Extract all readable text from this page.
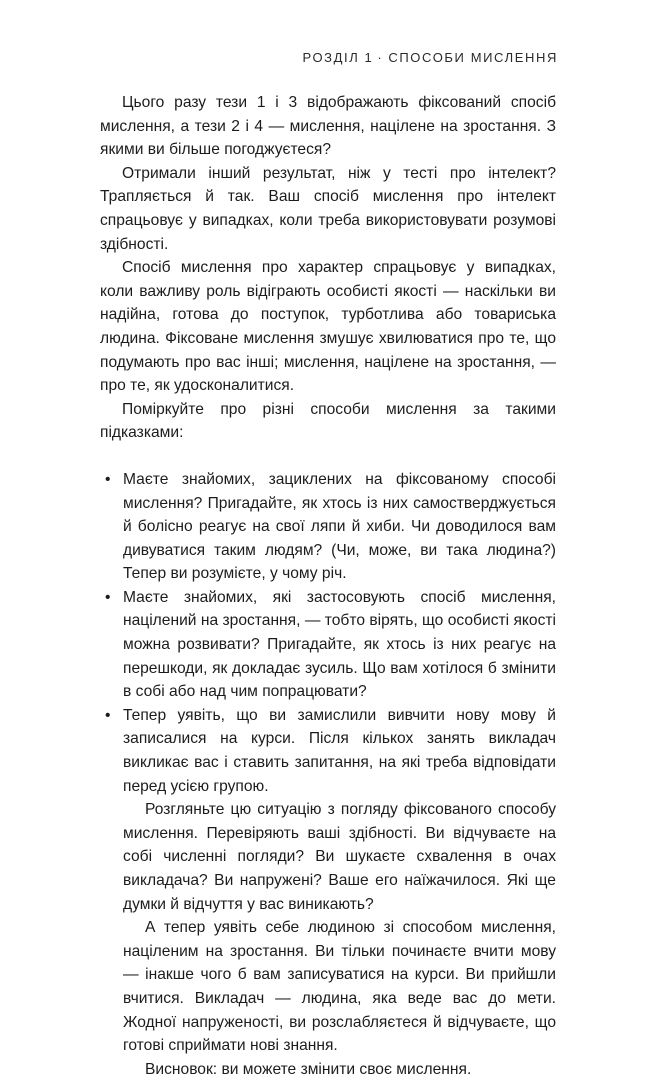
РОЗДІЛ 1 · СПОСОБИ МИСЛЕННЯ

Цього разу тези 1 і 3 відображають фіксований спосіб мислення, а тези 2 і 4 — мислення, націлене на зростання. З якими ви більше погоджуєтеся?

Отримали інший результат, ніж у тесті про інтелект? Трапляється й так. Ваш спосіб мислення про інтелект спрацьовує у випадках, коли треба використовувати розумові здібності.

Спосіб мислення про характер спрацьовує у випадках, коли важливу роль відіграють особисті якості — наскільки ви надійна, готова до поступок, турботлива або товариська людина. Фіксоване мислення змушує хвилюватися про те, що подумають про вас інші; мислення, націлене на зростання, — про те, як удосконалитися.

Поміркуйте про різні способи мислення за такими підказками:

• Маєте знайомих, зациклених на фіксованому способі мислення? Пригадайте, як хтось із них самостверджується й болісно реагує на свої ляпи й хиби. Чи доводилося вам дивуватися таким людям? (Чи, може, ви така людина?) Тепер ви розумієте, у чому річ.
• Маєте знайомих, які застосовують спосіб мислення, націлений на зростання, — тобто вірять, що особисті якості можна розвивати? Пригадайте, як хтось із них реагує на перешкоди, як докладає зусиль. Що вам хотілося б змінити в собі або над чим попрацювати?
• Тепер уявіть, що ви замислили вивчити нову мову й записалися на курси. Після кількох занять викладач викликає вас і ставить запитання, на які треба відповідати перед усією групою.

Розгляньте цю ситуацію з погляду фіксованого способу мислення. Перевіряють ваші здібності. Ви відчуваєте на собі численні погляди? Ви шукаєте схвалення в очах викладача? Ви напружені? Ваше его наїжачилося. Які ще думки й відчуття у вас виникають?

А тепер уявіть себе людиною зі способом мислення, націленим на зростання. Ви тільки починаєте вчити мову — інакше чого б вам записуватися на курси. Ви прийшли вчитися. Викладач — людина, яка веде вас до мети. Жодної напруженості, ви розслабляєтеся й відчуваєте, що готові сприймати нові знання.

Висновок: ви можете змінити своє мислення.
